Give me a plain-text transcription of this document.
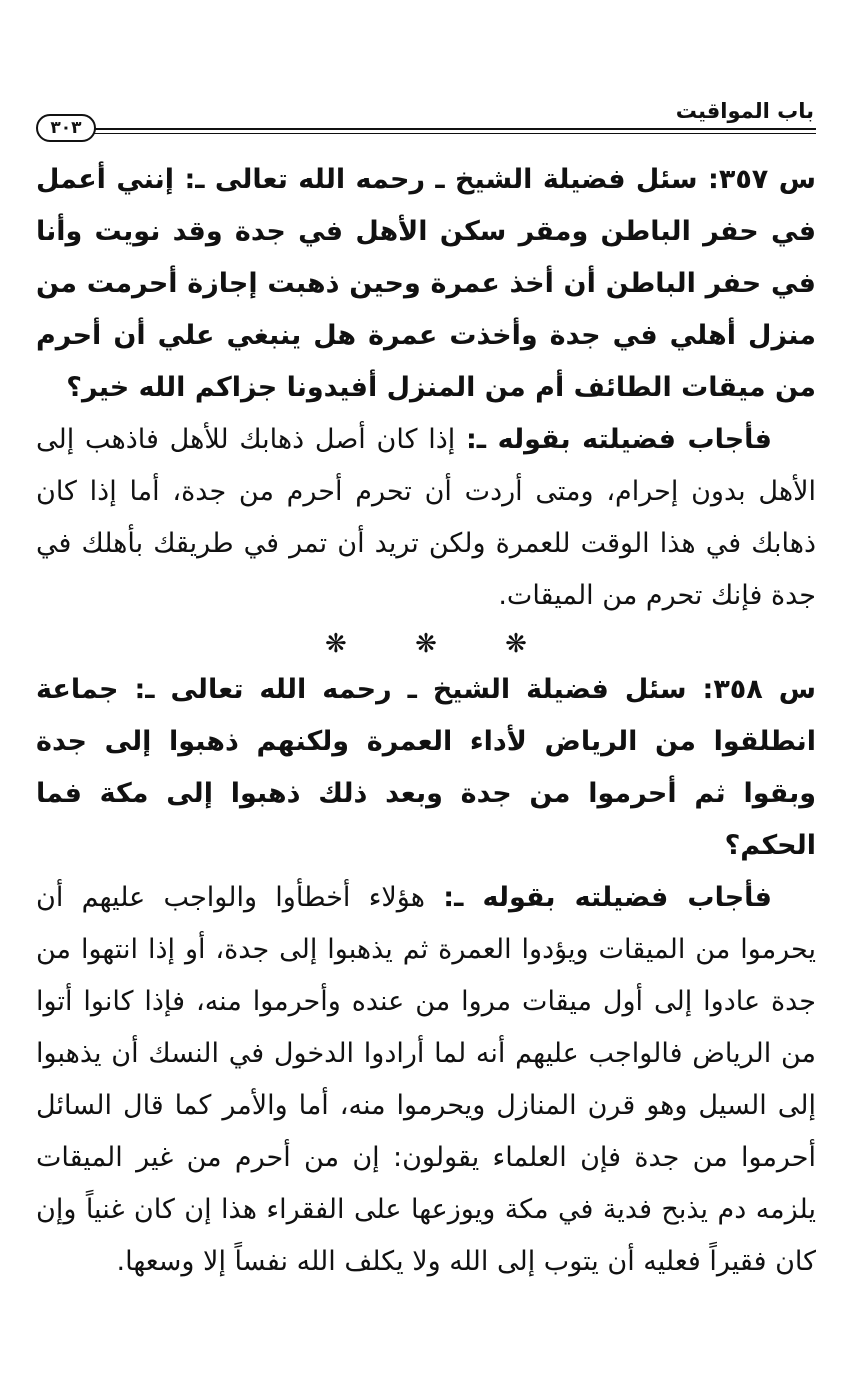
باب المواقيت
٣٠٣

س ٣٥٧: سئل فضيلة الشيخ ـ رحمه الله تعالى ـ: إنني أعمل في حفر الباطن ومقر سكن الأهل في جدة وقد نويت وأنا في حفر الباطن أن أخذ عمرة وحين ذهبت إجازة أحرمت من منزل أهلي في جدة وأخذت عمرة هل ينبغي علي أن أحرم من ميقات الطائف أم من المنزل أفيدونا جزاكم الله خير؟

فأجاب فضيلته بقوله ـ: إذا كان أصل ذهابك للأهل فاذهب إلى الأهل بدون إحرام، ومتى أردت أن تحرم أحرم من جدة، أما إذا كان ذهابك في هذا الوقت للعمرة ولكن تريد أن تمر في طريقك بأهلك في جدة فإنك تحرم من الميقات.

❋ ❋ ❋

س ٣٥٨: سئل فضيلة الشيخ ـ رحمه الله تعالى ـ: جماعة انطلقوا من الرياض لأداء العمرة ولكنهم ذهبوا إلى جدة وبقوا ثم أحرموا من جدة وبعد ذلك ذهبوا إلى مكة فما الحكم؟

فأجاب فضيلته بقوله ـ: هؤلاء أخطأوا والواجب عليهم أن يحرموا من الميقات ويؤدوا العمرة ثم يذهبوا إلى جدة، أو إذا انتهوا من جدة عادوا إلى أول ميقات مروا من عنده وأحرموا منه، فإذا كانوا أتوا من الرياض فالواجب عليهم أنه لما أرادوا الدخول في النسك أن يذهبوا إلى السيل وهو قرن المنازل ويحرموا منه، أما والأمر كما قال السائل أحرموا من جدة فإن العلماء يقولون: إن من أحرم من غير الميقات يلزمه دم يذبح فدية في مكة ويوزعها على الفقراء هذا إن كان غنياً وإن كان فقيراً فعليه أن يتوب إلى الله ولا يكلف الله نفساً إلا وسعها.
